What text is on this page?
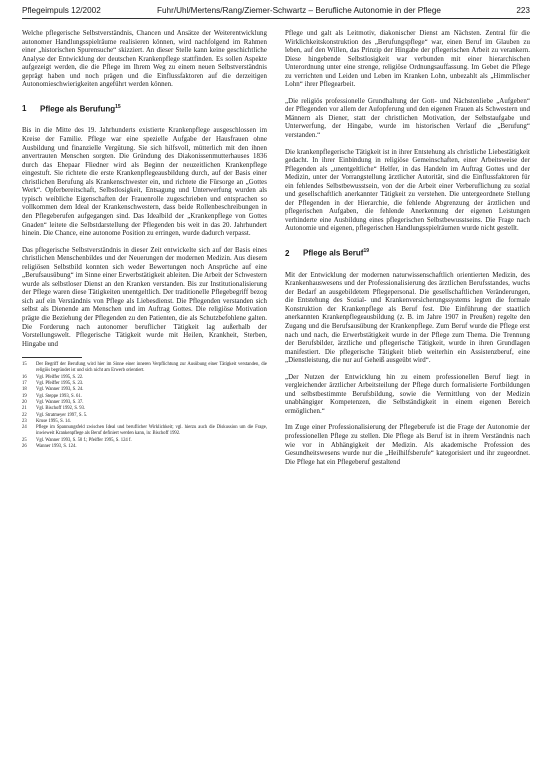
Pflegeimpuls 12/2002	Fuhr/Uhl/Mertens/Rang/Ziemer-Schwartz – Berufliche Autonomie in der Pflege	223

Welche pflegerische Selbstverständnis, Chancen und Ansätze der Weiterentwicklung autonomer Handlungsspielräume realisieren können, wird nachfolgend im Rahmen einer „historischen Spurensuche“ skizziert. An dieser Stelle kann keine geschichtliche Analyse der Entwicklung der deutschen Krankenpflege stattfinden. Es sollen Aspekte aufgezeigt werden, die die Pflege im Ihrem Weg zu einem neuen Selbstverständnis geprägt haben und noch prägen und die Einflussfaktoren auf die derzeitigen Autonomieschwierigkeiten angeführt werden können.

1 Pflege als Berufung$^{15}$

Bis in die Mitte des 19. Jahrhunderts existierte Krankenpflege ausgeschlossen im Kreise der Familie. Pflege war eine spezielle Aufgabe der Hausfrauen ohne Ausbildung und finanzielle Vergütung. Sie sich hilfsvoll, mütterlich mit den ihnen anvertrauten Menschen sorgten. Die Gründung des Diakonissenmutterhauses 1836 durch das Ehepaar Fliedner wird als Beginn der neuzeitlichen Krankenpflege eingestuft. Sie richtete die erste Krankenpflegeausbildung durch, auf der Basis einer christlichen Berufung als Krankenschwester ein, und richtete die Fürsorge an „Gottes Werk“. Opferbereitschaft, Selbstlosigkeit, Entsagung und Unterwerfung wurden als typisch weibliche Eigenschaften der Frauenrolle zugeschrieben und entsprachen so vollkommen dem Ideal der Krankenschwestern, dass beide Rollenbeschreibungen in den Pflegeberufen aufgegangen sind. Das Idealbild der „Krankenpflege von Gottes Gnaden“ leitete die Selbstdarstellung der Pflegenden bis weit in das 20. Jahrhundert hinein. Die Chance, eine autonome Position zu erringen, wurde dadurch verpasst.

Das pflegerische Selbstverständnis in dieser Zeit entwickelte sich auf der Basis eines christlichen Menschenbildes und der Neuerungen der modernen Medizin. Aus diesem religiösen Selbstbild konnten sich weder Bewertungen noch Ansprüche auf eine „Berufsausübung“ im Sinne einer Erwerbstätigkeit ableiten. Die Arbeit der Schwestern wurde als selbstloser Dienst an den Kranken verstanden. Bis zur Institutionalisierung der Pflege waren diese Tätigkeiten unentgeltlich. Der traditionelle Pflegebegriff bezog sich auf ein Verständnis von Pflege als Liebesdienst. Die Pflegenden verstanden sich selbst als Dienende am Menschen und im Auftrag Gottes. Die religiöse Motivation prägte die Beziehung der Pflegenden zu den Patienten, die als Schutzbefohlene galten. Die Forderung nach autonomer beruflicher Tätigkeit lag außerhalb der Vorstellungswelt. Pflegerische Tätigkeit wurde mit Heilen, Krankheit, Sterben, Hingabe und

15 Der Begriff der Berufung wird hier im Sinne einer inneren Verpflichtung zur Ausübung einer Tätigkeit verstanden, die religiös begründet ist und sich nicht am Erwerb orientiert.

16 Vgl. Pfeiffer 1995, S. 22.

17 Vgl. Pfeiffer 1995, S. 23.

18 Vgl. Wanner 1993, S. 24.

19 Vgl. Steppe 1993, S. 61.

20 Vgl. Wanner 1993, S. 37.

21 Vgl. Bischoff 1992, S. 93.

22 Vgl. Stratmeyer 1997, S. 5.

23 Kruse 1995, S. 14.

24 Pflege im Spannungsfeld zwischen Ideal und beruflicher Wirklichkeit; vgl. hierzu auch die Diskussion um die Frage, inwieweit Krankenpflege als Beruf definiert werden kann, in: Bischoff 1992.

25 Vgl. Wanner 1993, S. 50 f.; Pfeiffer 1995, S. 124 f.

26 Wanner 1993, S. 124.

Pflege und galt als Leitmotiv, diakonischer Dienst am Nächsten. Zentral für die Wirklichkeitskonstruktion des „Berufungspflege“ war, einen Beruf im Glauben zu leben, auf den Willen, das Prinzip der Hingabe der pflegerischen Arbeit zu verankern. Diese hingebende Selbstlosigkeit war verbunden mit einer hierarchischen Unterordnung unter eine strenge, religiöse Ordnungsauffassung. Im Gebet die Pflege zu verrichten und Leiden und Leben im Kranken Lohn, unbezahlt als „Himmlischer Lohn“ ihrer Pflegearbeit.

„Die religiös professionelle Grundhaltung der Gott- und Nächstenliebe „Aufgeben“ der Pflegenden vor allem der Aufopferung und den eigenen Frauen als Schwestern und Männern als Diener, statt der christlichen Motivation, der Selbstaufgabe und Unterwerfung, der Hingabe, wurde im historischen Verlauf die „Berufung“ verstanden.“

Die krankenpflegerische Tätigkeit ist in ihrer Entstehung als christliche Liebestätigkeit gedacht. In ihrer Einbindung in religiöse Gemeinschaften, einer Arbeitsweise der Pflegenden als „unentgeltliche“ Helfer, in das Handeln im Auftrag Gottes und der Medizin, unter der Vorrangstellung ärztlicher Autorität, sind die Einflussfaktoren für ein fehlendes Selbstbewusstsein, von der die Arbeit einer Verberuflichung zu sozial und gesellschaftlich anerkannter Tätigkeit zu verstehen. Die untergeordnete Stellung der Pflegenden in der Hierarchie, die fehlende Abgrenzung der ärztlichen und pflegerischen Aufgaben, die fehlende Anerkennung der eigenen Leistungen verhinderte eine Ausbildung eines pflegerischen Selbstbewusstseins. Die Frage nach Autonomie und eigenen, pflegerischen Handlungsspielräumen wurde nicht gestellt.

2 Pflege als Beruf$^{19}$

Mit der Entwicklung der modernen naturwissenschaftlich orientierten Medizin, des Krankenhauswesens und der Professionalisierung des ärztlichen Berufsstandes, wuchs der Bedarf an ausgebildetem Pflegepersonal. Die gesellschaftlichen Veränderungen, die Entstehung des Sozial- und Krankenversicherungssystems legten die formale Konstruktion der Krankenpflege als Beruf fest. Die Einführung der staatlich anerkannten Krankenpflegeausbildung (z. B. im Jahre 1907 in Preußen) regelte den Zugang und die Berufsausübung der Krankenpflege. Zum Beruf wurde die Pflege erst nach und nach, die Erwerbstätigkeit wurde in der Pflege zum Thema. Die Trennung der Berufsbilder, ärztliche und pflegerische Tätigkeit, wurde in ihren Grundlagen manifestiert. Die pflegerische Tätigkeit blieb weiterhin ein Assistenzberuf, eine „Dienstleistung, die nur auf Geheiß ausgeübt wird“.

„Der Nutzen der Entwicklung hin zu einem professionellen Beruf liegt in vergleichender ärztlicher Arbeitsteilung der Pflege durch formalisierte Fortbildungen und selbstbestimmte Berufsbildung, sowie die Vermittlung von der Medizin unabhängiger Kompetenzen, die Selbständigkeit in einem eigenen Bereich ermöglichen.“

Im Zuge einer Professionalisierung der Pflegeberufe ist die Frage der Autonomie der professionellen Pflege zu stellen. Die Pflege als Beruf ist in ihrem Verständnis nach wie vor in Abhängigkeit der Medizin. Als akademische Profession des Gesundheitswesens wurde nur die „Heilhilfsberufe“ kategorisiert und ihr zugeordnet. Die Pflege hat ein Pflegeberuf gestaltend
